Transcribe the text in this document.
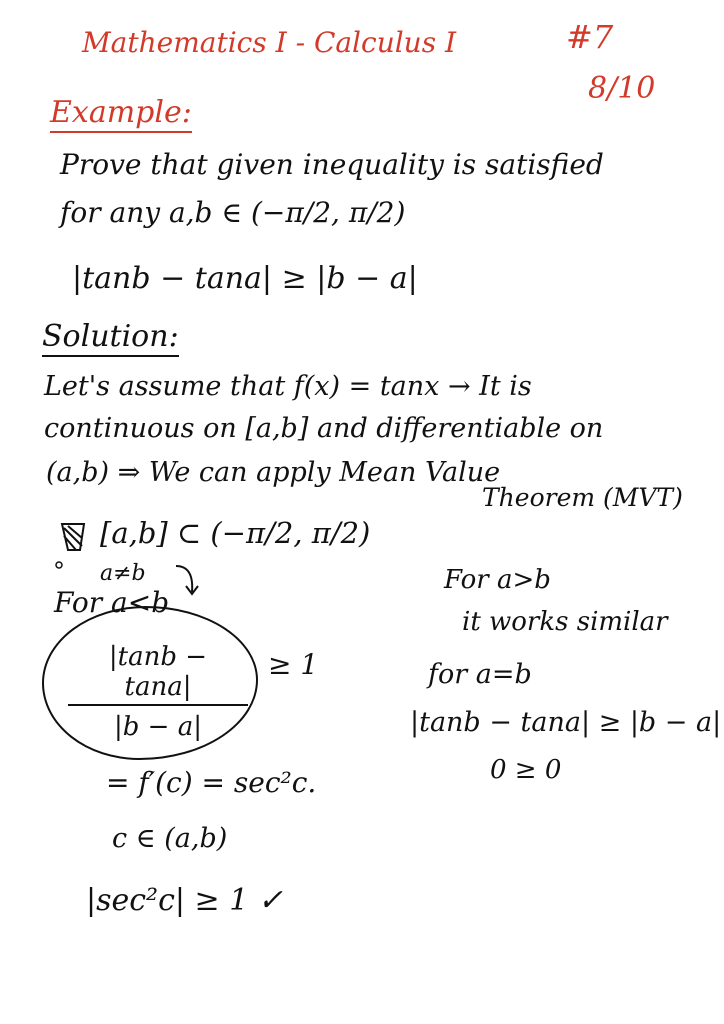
Mathematics I - Calculus I	#7
8/10
Example:
Prove that given inequality is satisfied
for any a,b ∈ (−π/2, π/2)
|tanb − tana| ≥ |b − a|
Solution:
Let's assume that f(x) = tanx → It is
continuous on [a,b] and differentiable on
(a,b) ⇒ We can apply Mean Value
Theorem (MVT)
[a,b] ⊂ (−π/2, π/2)
a≠b
For a<b
$\frac{|\tan b - \tan a|}{|b - a|} \ge 1$
= f′(c) = sec²c.
c ∈ (a,b)
|sec²c| ≥ 1 ✓
For a>b
it works similar
for a=b
|tanb − tana| ≥ |b − a|
0 ≥ 0
